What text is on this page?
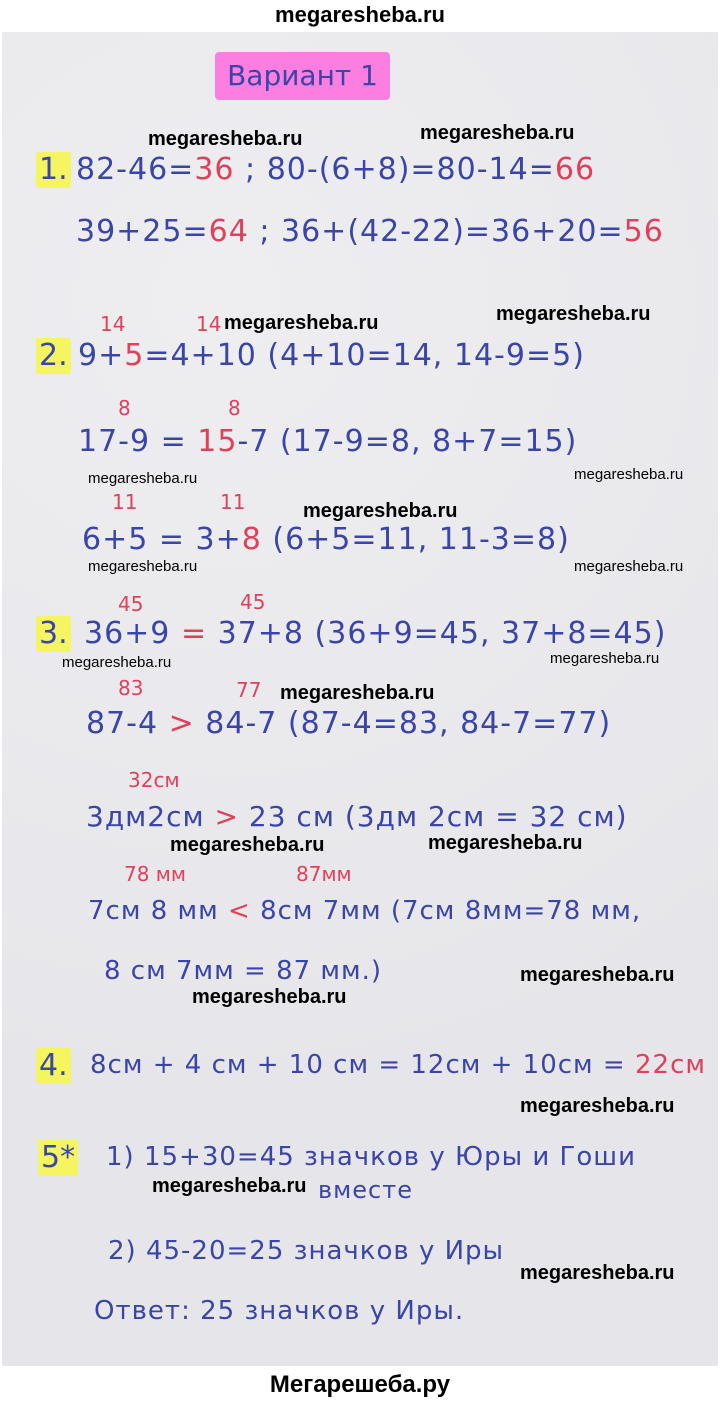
megaresheba.ru
Вариант 1
megaresheba.ru	megaresheba.ru
megaresheba.ru	megaresheba.ru
megaresheba.ru	megaresheba.ru
megaresheba.ru
megaresheba.ru	megaresheba.ru
megaresheba.ru	megaresheba.ru
megaresheba.ru
megaresheba.ru	megaresheba.ru
megaresheba.ru
megaresheba.ru
megaresheba.ru
megaresheba.ru
megaresheba.ru
1. 82-46=36 ; 80-(6+8)=80-14=66
39+25=64 ; 36+(42-22)=36+20=56
14	14
2. 9+5=4+10 (4+10=14, 14-9=5)
8	8
17-9 = 15-7 (17-9=8, 8+7=15)
11	11
6+5 = 3+8 (6+5=11, 11-3=8)
45	45
3. 36+9 = 37+8 (36+9=45, 37+8=45)
83	77
87-4 > 84-7 (87-4=83, 84-7=77)
32см
3дм2см > 23 см (3дм 2см = 32 см)
78 мм	87мм
7см 8 мм < 8см 7мм (7см 8мм=78 мм,
8 см 7мм = 87 мм.)
4. 8см + 4 см + 10 см = 12см + 10см = 22см
5* 1) 15+30=45 значков у Юры и Гоши
вместе
2) 45-20=25 значков у Иры
Ответ: 25 значков у Иры.
Мегарешеба.ру
